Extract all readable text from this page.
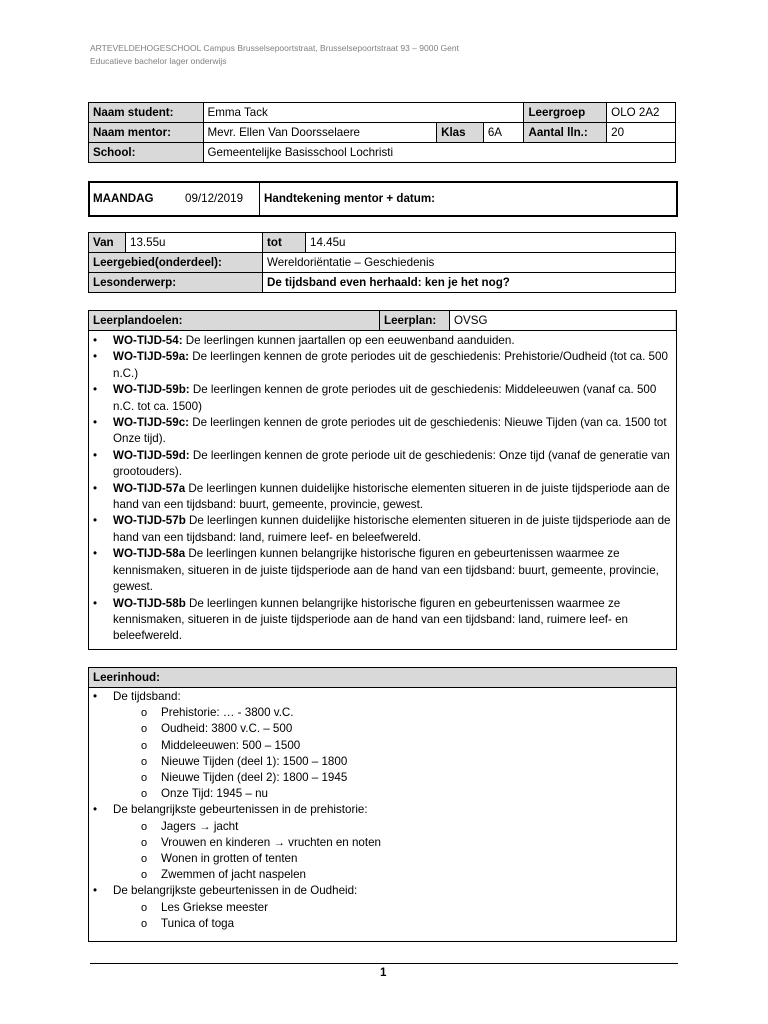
ARTEVELDEHOGESCHOOL Campus Brusselsepoortstraat, Brusselsepoortstraat 93 – 9000 Gent
Educatieve bachelor lager onderwijs
Naam student:	Emma Tack			Leergroep	OLO 2A2
Naam mentor:	Mevr. Ellen Van Doorsselaere	Klas	6A	Aantal lln.:	20
School:	Gemeentelijke Basisschool Lochristi				
MAANDAG	09/12/2019 Handtekening mentor + datum:
Van	13.55u	tot	14.45u
Leergebied(onderdeel):		Wereldoriëntatie – Geschiedenis	
Lesonderwerp:		De tijdsband even herhaald: ken je het nog?	
Leerplandoelen:	Leerplan:	OVSG
• WO-TIJD-54: De leerlingen kunnen jaartallen op een eeuwenband aanduiden.
• WO-TIJD-59a: De leerlingen kennen de grote periodes uit de geschiedenis: Prehistorie/Oudheid (tot ca. 500 n.C.)
• WO-TIJD-59b: De leerlingen kennen de grote periodes uit de geschiedenis: Middeleeuwen (vanaf ca. 500 n.C. tot ca. 1500)
• WO-TIJD-59c: De leerlingen kennen de grote periodes uit de geschiedenis: Nieuwe Tijden (van ca. 1500 tot Onze tijd).
• WO-TIJD-59d: De leerlingen kennen de grote periode uit de geschiedenis: Onze tijd (vanaf de generatie van grootouders).
• WO-TIJD-57a De leerlingen kunnen duidelijke historische elementen situeren in de juiste tijdsperiode aan de hand van een tijdsband: buurt, gemeente, provincie, gewest.
• WO-TIJD-57b De leerlingen kunnen duidelijke historische elementen situeren in de juiste tijdsperiode aan de hand van een tijdsband: land, ruimere leef- en beleefwereld.
• WO-TIJD-58a De leerlingen kunnen belangrijke historische figuren en gebeurtenissen waarmee ze kennismaken, situeren in de juiste tijdsperiode aan de hand van een tijdsband: buurt, gemeente, provincie, gewest.
• WO-TIJD-58b De leerlingen kunnen belangrijke historische figuren en gebeurtenissen waarmee ze kennismaken, situeren in de juiste tijdsperiode aan de hand van een tijdsband: land, ruimere leef- en beleefwereld.
Leerinhoud:
• De tijdsband:
o Prehistorie: … - 3800 v.C.
o Oudheid: 3800 v.C. – 500
o Middeleeuwen: 500 – 1500
o Nieuwe Tijden (deel 1): 1500 – 1800
o Nieuwe Tijden (deel 2): 1800 – 1945
o Onze Tijd: 1945 – nu
• De belangrijkste gebeurtenissen in de prehistorie:
o Jagers → jacht
o Vrouwen en kinderen → vruchten en noten
o Wonen in grotten of tenten
o Zwemmen of jacht naspelen
• De belangrijkste gebeurtenissen in de Oudheid:
o Les Griekse meester
o Tunica of toga
1
